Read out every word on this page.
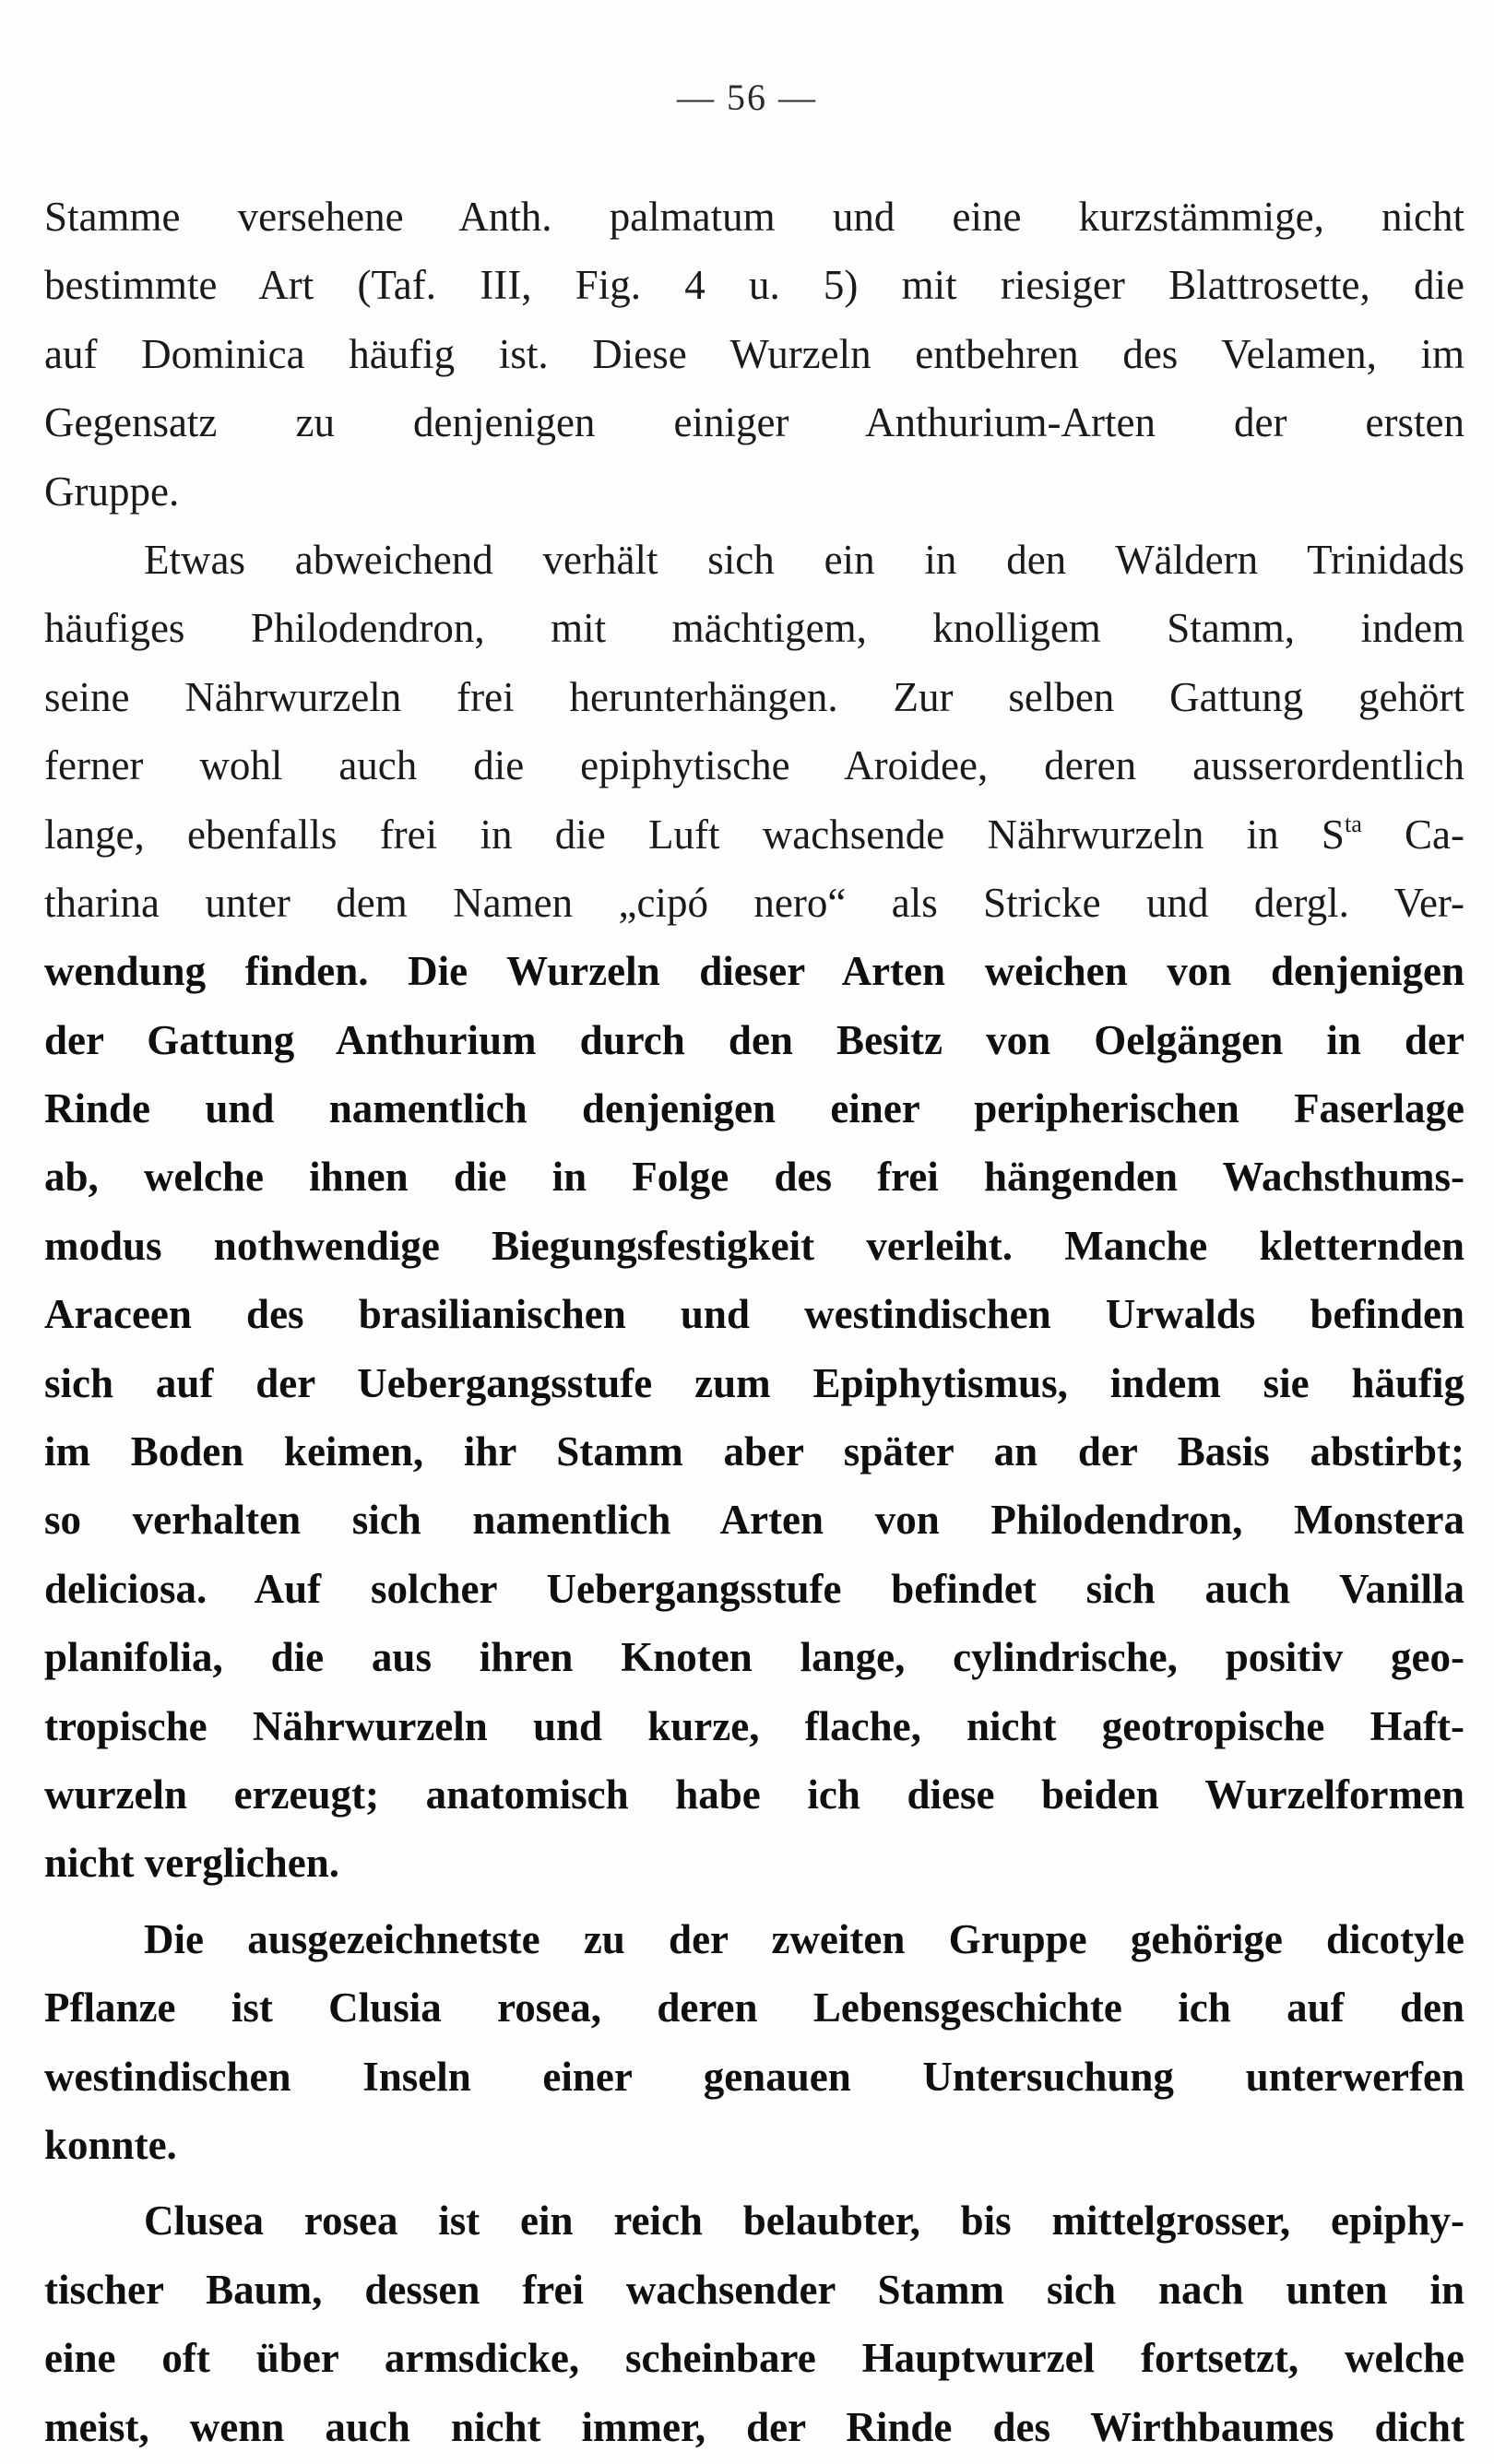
— 56 —
Stamme versehene Anth. palmatum und eine kurzstämmige, nicht
bestimmte Art (Taf. III, Fig. 4 u. 5) mit riesiger Blattrosette, die
auf Dominica häufig ist. Diese Wurzeln entbehren des Velamen, im
Gegensatz zu denjenigen einiger Anthurium-Arten der ersten
Gruppe.
Etwas abweichend verhält sich ein in den Wäldern Trinidads
häufiges Philodendron, mit mächtigem, knolligem Stamm, indem
seine Nährwurzeln frei herunterhängen. Zur selben Gattung gehört
ferner wohl auch die epiphytische Aroidee, deren ausserordentlich
lange, ebenfalls frei in die Luft wachsende Nährwurzeln in $S^{ta}$ Ca-
tharina unter dem Namen „cipó nero“ als Stricke und dergl. Ver-
wendung finden. Die Wurzeln dieser Arten weichen von denjenigen
der Gattung Anthurium durch den Besitz von Oelgängen in der
Rinde und namentlich denjenigen einer peripherischen Faserlage
ab, welche ihnen die in Folge des frei hängenden Wachsthums-
modus nothwendige Biegungsfestigkeit verleiht. Manche kletternden
Araceen des brasilianischen und westindischen Urwalds befinden
sich auf der Uebergangsstufe zum Epiphytismus, indem sie häufig
im Boden keimen, ihr Stamm aber später an der Basis abstirbt;
so verhalten sich namentlich Arten von Philodendron, Monstera
deliciosa. Auf solcher Uebergangsstufe befindet sich auch Vanilla
planifolia, die aus ihren Knoten lange, cylindrische, positiv geo-
tropische Nährwurzeln und kurze, flache, nicht geotropische Haft-
wurzeln erzeugt; anatomisch habe ich diese beiden Wurzelformen
nicht verglichen.
Die ausgezeichnetste zu der zweiten Gruppe gehörige dicotyle
Pflanze ist Clusia rosea, deren Lebensgeschichte ich auf den
westindischen Inseln einer genauen Untersuchung unterwerfen
konnte.
Clusea rosea ist ein reich belaubter, bis mittelgrosser, epiphy-
tischer Baum, dessen frei wachsender Stamm sich nach unten in
eine oft über armsdicke, scheinbare Hauptwurzel fortsetzt, welche
meist, wenn auch nicht immer, der Rinde des Wirthbaumes dicht
